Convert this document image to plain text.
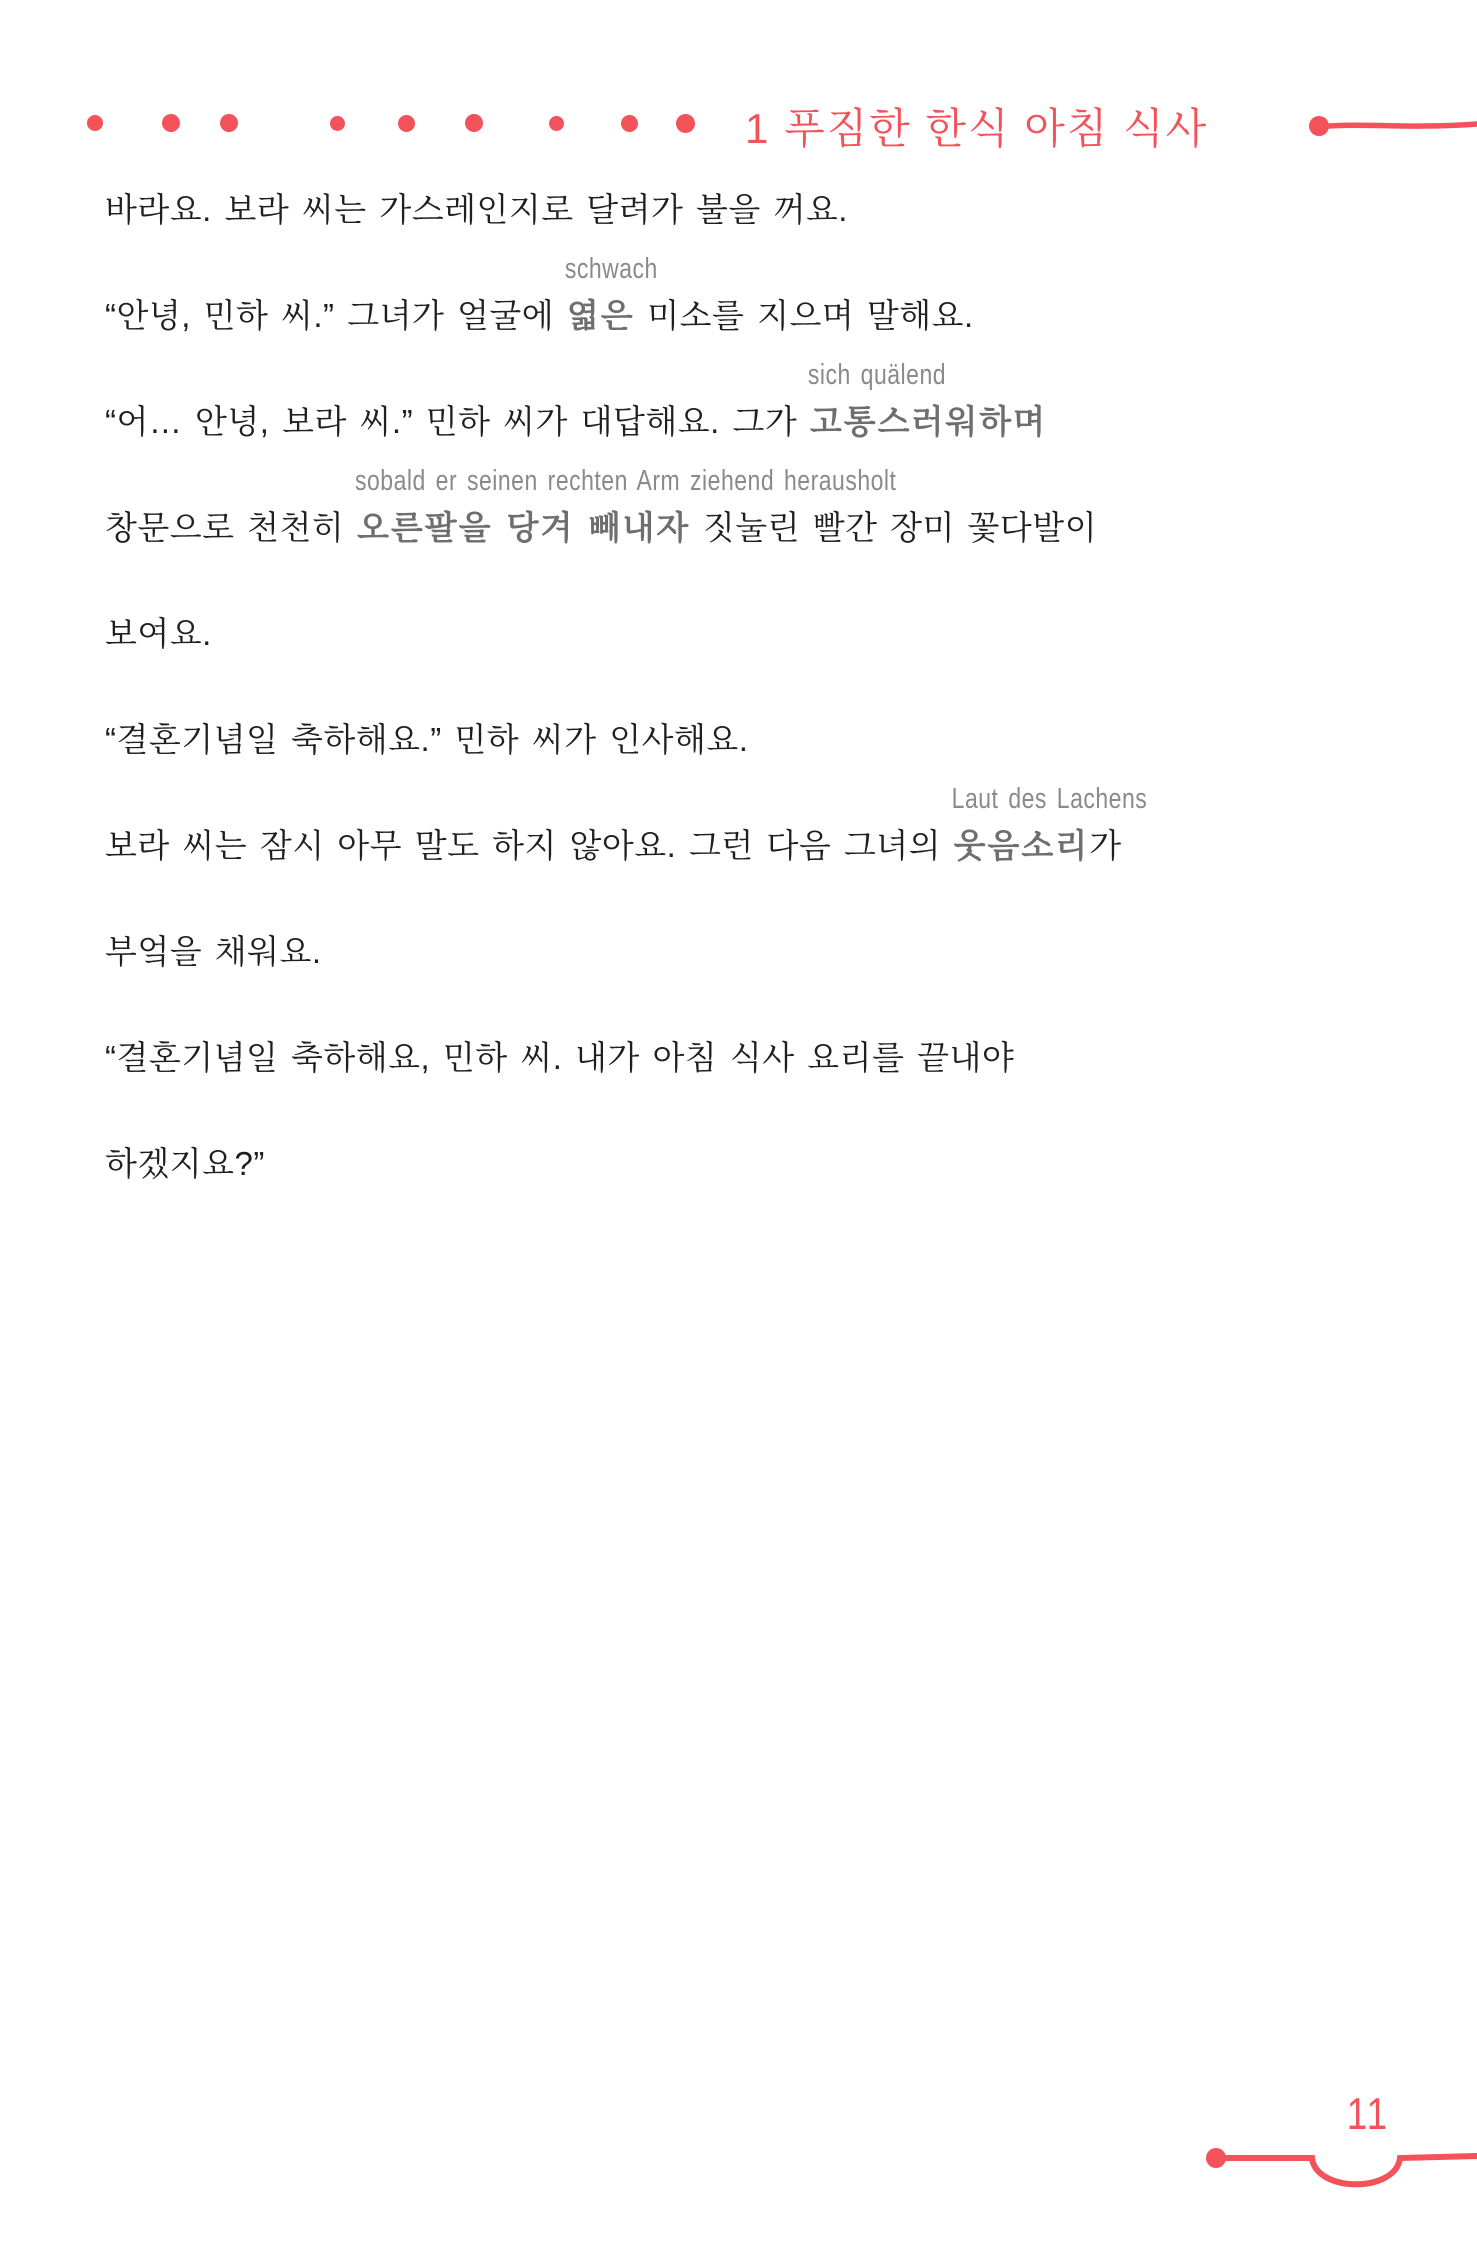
1 푸짐한 한식 아침 식사
바라요. 보라 씨는 가스레인지로 달려가 불을 꺼요.
“안녕, 민하 씨.” 그녀가 얼굴에 엷은
schwach
미소를 지으며 말해요.
“어… 안녕, 보라 씨.” 민하 씨가 대답해요. 그가 고통스러워하며
sich quälend
창문으로 천천히 오른팔을 당겨 빼내자
sobald er seinen rechten Arm ziehend herausholt
짓눌린 빨간 장미 꽃다발이
보여요.
“결혼기념일 축하해요.” 민하 씨가 인사해요.
보라 씨는 잠시 아무 말도 하지 않아요. 그런 다음 그녀의 웃음소리
Laut des Lachens
가
부엌을 채워요.
“결혼기념일 축하해요, 민하 씨. 내가 아침 식사 요리를 끝내야
하겠지요?”
11
